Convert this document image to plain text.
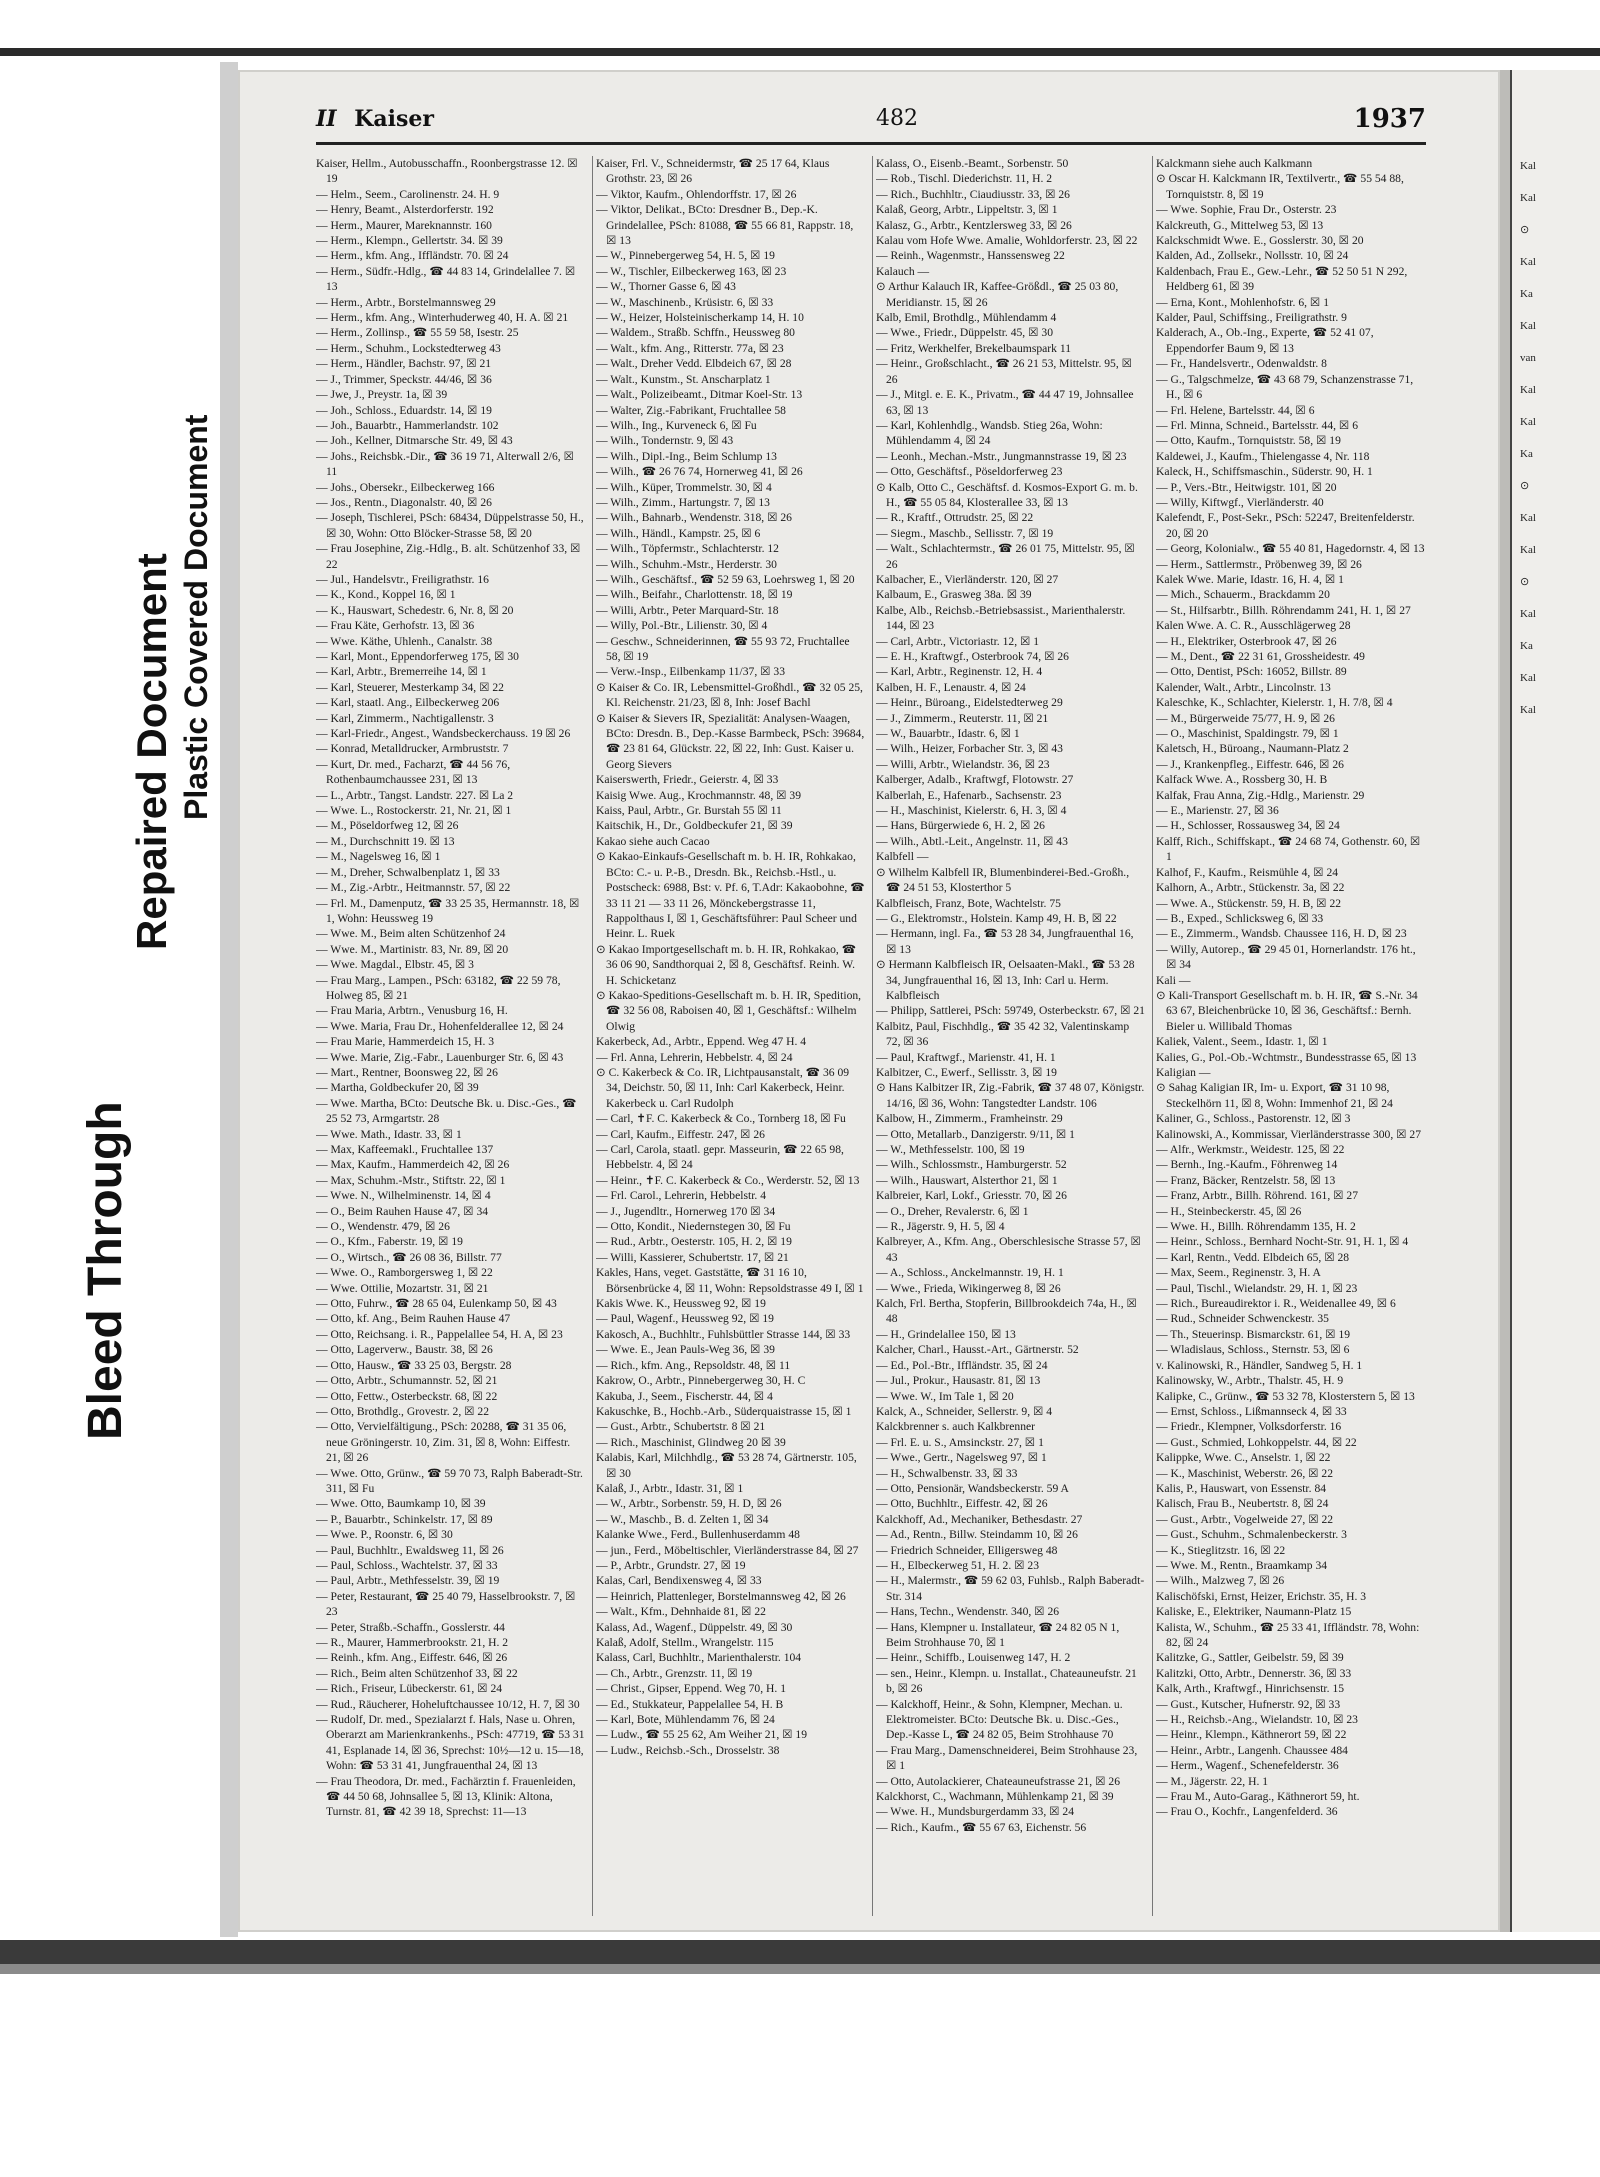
Bleed Through
Repaired Document Plastic Covered Document
II Kaiser	482	1937
Kaiser, Hellm., Autobusschaffn., Roonbergstrasse 12. ☒ 19
— Helm., Seem., Carolinenstr. 24. H. 9
— Henry, Beamt., Alsterdorferstr. 192
— Herm., Maurer, Mareknannstr. 160
— Herm., Klempn., Gellertstr. 34. ☒ 39
— Herm., kfm. Ang., Iffländstr. 70. ☒ 24
— Herm., Südfr.-Hdlg., ☎ 44 83 14, Grindelallee 7. ☒ 13
— Herm., Arbtr., Borstelmannsweg 29
— Herm., kfm. Ang., Winterhuderweg 40, H. A. ☒ 21
— Herm., Zollinsp., ☎ 55 59 58, Isestr. 25
— Herm., Schuhm., Lockstedterweg 43
— Herm., Händler, Bachstr. 97, ☒ 21
— J., Trimmer, Speckstr. 44/46, ☒ 36
— Jwe, J., Preystr. 1a, ☒ 39
— Joh., Schloss., Eduardstr. 14, ☒ 19
— Joh., Bauarbtr., Hammerlandstr. 102
— Joh., Kellner, Ditmarsche Str. 49, ☒ 43
— Johs., Reichsbk.-Dir., ☎ 36 19 71, Alterwall 2/6, ☒ 11
— Johs., Obersekr., Eilbeckerweg 166
— Jos., Rentn., Diagonalstr. 40, ☒ 26
— Joseph, Tischlerei, PSch: 68434, Düppelstrasse 50, H., ☒ 30, Wohn: Otto Blöcker-Strasse 58, ☒ 20
— Frau Josephine, Zig.-Hdlg., B. alt. Schützenhof 33, ☒ 22
— Jul., Handelsvtr., Freiligrathstr. 16
— K., Kond., Koppel 16, ☒ 1
— K., Hauswart, Schedestr. 6, Nr. 8, ☒ 20
— Frau Käte, Gerhofstr. 13, ☒ 36
— Wwe. Käthe, Uhlenh., Canalstr. 38
— Karl, Mont., Eppendorferweg 175, ☒ 30
— Karl, Arbtr., Bremerreihe 14, ☒ 1
— Karl, Steuerer, Mesterkamp 34, ☒ 22
— Karl, staatl. Ang., Eilbeckerweg 206
— Karl, Zimmerm., Nachtigallenstr. 3
— Karl-Friedr., Angest., Wandsbeckerchauss. 19 ☒ 26
— Konrad, Metalldrucker, Armbruststr. 7
— Kurt, Dr. med., Facharzt, ☎ 44 56 76, Rothenbaumchaussee 231, ☒ 13
— L., Arbtr., Tangst. Landstr. 227. ☒ La 2
— Wwe. L., Rostockerstr. 21, Nr. 21, ☒ 1
— M., Pöseldorfweg 12, ☒ 26
— M., Durchschnitt 19. ☒ 13
— M., Nagelsweg 16, ☒ 1
— M., Dreher, Schwalbenplatz 1, ☒ 33
— M., Zig.-Arbtr., Heitmannstr. 57, ☒ 22
— Frl. M., Damenputz, ☎ 33 25 35, Hermannstr. 18, ☒ 1, Wohn: Heussweg 19
— Wwe. M., Beim alten Schützenhof 24
— Wwe. M., Martinistr. 83, Nr. 89, ☒ 20
— Wwe. Magdal., Elbstr. 45, ☒ 3
— Frau Marg., Lampen., PSch: 63182, ☎ 22 59 78, Holweg 85, ☒ 21
— Frau Maria, Arbtrn., Venusburg 16, H.
— Wwe. Maria, Frau Dr., Hohenfelderallee 12, ☒ 24
— Frau Marie, Hammerdeich 15, H. 3
— Wwe. Marie, Zig.-Fabr., Lauenburger Str. 6, ☒ 43
— Mart., Rentner, Boonsweg 22, ☒ 26
— Martha, Goldbeckufer 20, ☒ 39
— Wwe. Martha, BCto: Deutsche Bk. u. Disc.-Ges., ☎ 25 52 73, Armgartstr. 28
— Wwe. Math., Idastr. 33, ☒ 1
— Max, Kaffeemakl., Fruchtallee 137
— Max, Kaufm., Hammerdeich 42, ☒ 26
— Max, Schuhm.-Mstr., Stiftstr. 22, ☒ 1
— Wwe. N., Wilhelminenstr. 14, ☒ 4
— O., Beim Rauhen Hause 47, ☒ 34
— O., Wendenstr. 479, ☒ 26
— O., Kfm., Faberstr. 19, ☒ 19
— O., Wirtsch., ☎ 26 08 36, Billstr. 77
— Wwe. O., Ramborgersweg 1, ☒ 22
— Wwe. Ottilie, Mozartstr. 31, ☒ 21
— Otto, Fuhrw., ☎ 28 65 04, Eulenkamp 50, ☒ 43
— Otto, kf. Ang., Beim Rauhen Hause 47
— Otto, Reichsang. i. R., Pappelallee 54, H. A, ☒ 23
— Otto, Lagerverw., Baustr. 38, ☒ 26
— Otto, Hausw., ☎ 33 25 03, Bergstr. 28
— Otto, Arbtr., Schumannstr. 52, ☒ 21
— Otto, Fettw., Osterbeckstr. 68, ☒ 22
— Otto, Brothdlg., Grovestr. 2, ☒ 22
— Otto, Vervielfältigung., PSch: 20288, ☎ 31 35 06, neue Gröningerstr. 10, Zim. 31, ☒ 8, Wohn: Eiffestr. 21, ☒ 26
— Wwe. Otto, Grünw., ☎ 59 70 73, Ralph Baberadt-Str. 311, ☒ Fu
— Wwe. Otto, Baumkamp 10, ☒ 39
— P., Bauarbtr., Schinkelstr. 17, ☒ 89
— Wwe. P., Roonstr. 6, ☒ 30
— Paul, Buchhltr., Ewaldsweg 11, ☒ 26
— Paul, Schloss., Wachtelstr. 37, ☒ 33
— Paul, Arbtr., Methfesselstr. 39, ☒ 19
— Peter, Restaurant, ☎ 25 40 79, Hasselbrookstr. 7, ☒ 23
— Peter, Straßb.-Schaffn., Gosslerstr. 44
— R., Maurer, Hammerbrookstr. 21, H. 2
— Reinh., kfm. Ang., Eiffestr. 646, ☒ 26
— Rich., Beim alten Schützenhof 33, ☒ 22
— Rich., Friseur, Lübeckerstr. 61, ☒ 24
— Rud., Räucherer, Hoheluftchaussee 10/12, H. 7, ☒ 30
— Rudolf, Dr. med., Spezialarzt f. Hals, Nase u. Ohren, Oberarzt am Marienkrankenhs., PSch: 47719, ☎ 53 31 41, Esplanade 14, ☒ 36, Sprechst: 10½—12 u. 15—18, Wohn: ☎ 53 31 41, Jungfrauenthal 24, ☒ 13
— Frau Theodora, Dr. med., Fachärztin f. Frauenleiden, ☎ 44 50 68, Johnsallee 5, ☒ 13, Klinik: Altona, Turnstr. 81, ☎ 42 39 18, Sprechst: 11—13
Kaiser, Frl. V., Schneidermstr, ☎ 25 17 64, Klaus Grothstr. 23, ☒ 26
— Viktor, Kaufm., Ohlendorffstr. 17, ☒ 26
— Viktor, Delikat., BCto: Dresdner B., Dep.-K. Grindelallee, PSch: 81088, ☎ 55 66 81, Rappstr. 18, ☒ 13
— W., Pinnebergerweg 54, H. 5, ☒ 19
— W., Tischler, Eilbeckerweg 163, ☒ 23
— W., Thorner Gasse 6, ☒ 43
— W., Maschinenb., Krüsistr. 6, ☒ 33
— W., Heizer, Holsteinischerkamp 14, H. 10
— Waldem., Straßb. Schffn., Heussweg 80
— Walt., kfm. Ang., Ritterstr. 77a, ☒ 23
— Walt., Dreher Vedd. Elbdeich 67, ☒ 28
— Walt., Kunstm., St. Anscharplatz 1
— Walt., Polizeibeamt., Ditmar Koel-Str. 13
— Walter, Zig.-Fabrikant, Fruchtallee 58
— Wilh., Ing., Kurveneck 6, ☒ Fu
— Wilh., Tondernstr. 9, ☒ 43
— Wilh., Dipl.-Ing., Beim Schlump 13
— Wilh., ☎ 26 76 74, Hornerweg 41, ☒ 26
— Wilh., Küper, Trommelstr. 30, ☒ 4
— Wilh., Zimm., Hartungstr. 7, ☒ 13
— Wilh., Bahnarb., Wendenstr. 318, ☒ 26
— Wilh., Händl., Kampstr. 25, ☒ 6
— Wilh., Töpfermstr., Schlachterstr. 12
— Wilh., Schuhm.-Mstr., Herderstr. 30
— Wilh., Geschäftsf., ☎ 52 59 63, Loehrsweg 1, ☒ 20
— Wilh., Beifahr., Charlottenstr. 18, ☒ 19
— Willi, Arbtr., Peter Marquard-Str. 18
— Willy, Pol.-Btr., Lilienstr. 30, ☒ 4
— Geschw., Schneiderinnen, ☎ 55 93 72, Fruchtallee 58, ☒ 19
— Verw.-Insp., Eilbenkamp 11/37, ☒ 33
⊙ Kaiser & Co. IR, Lebensmittel-Großhdl., ☎ 32 05 25, Kl. Reichenstr. 21/23, ☒ 8, Inh: Josef Bachl
⊙ Kaiser & Sievers IR, Spezialität: Analysen-Waagen, BCto: Dresdn. B., Dep.-Kasse Barmbeck, PSch: 39684, ☎ 23 81 64, Glückstr. 22, ☒ 22, Inh: Gust. Kaiser u. Georg Sievers
Kaiserswerth, Friedr., Geierstr. 4, ☒ 33
Kaisig Wwe. Aug., Krochmannstr. 48, ☒ 39
Kaiss, Paul, Arbtr., Gr. Burstah 55 ☒ 11
Kaitschik, H., Dr., Goldbeckufer 21, ☒ 39
Kakao siehe auch Cacao
⊙ Kakao-Einkaufs-Gesellschaft m. b. H. IR, Rohkakao, BCto: C.- u. P.-B., Dresdn. Bk., Reichsb.-Hstl., u. Postscheck: 6988, Bst: v. Pf. 6, T.Adr: Kakaobohne, ☎ 33 11 21 — 33 11 26, Mönckebergstrasse 11, Rappolthaus I, ☒ 1, Geschäftsführer: Paul Scheer und Heinr. L. Ruek
⊙ Kakao Importgesellschaft m. b. H. IR, Rohkakao, ☎ 36 06 90, Sandthorquai 2, ☒ 8, Geschäftsf. Reinh. W. H. Schicketanz
⊙ Kakao-Speditions-Gesellschaft m. b. H. IR, Spedition, ☎ 32 56 08, Raboisen 40, ☒ 1, Geschäftsf.: Wilhelm Olwig
Kakerbeck, Ad., Arbtr., Eppend. Weg 47 H. 4
— Frl. Anna, Lehrerin, Hebbelstr. 4, ☒ 24
⊙ C. Kakerbeck & Co. IR, Lichtpausanstalt, ☎ 36 09 34, Deichstr. 50, ☒ 11, Inh: Carl Kakerbeck, Heinr. Kakerbeck u. Carl Rudolph
— Carl, ✝F. C. Kakerbeck & Co., Tornberg 18, ☒ Fu
— Carl, Kaufm., Eiffestr. 247, ☒ 26
— Carl, Carola, staatl. gepr. Masseurin, ☎ 22 65 98, Hebbelstr. 4, ☒ 24
— Heinr., ✝F. C. Kakerbeck & Co., Werderstr. 52, ☒ 13
— Frl. Carol., Lehrerin, Hebbelstr. 4
— J., Jugendltr., Hornerweg 170 ☒ 34
— Otto, Kondit., Niedernstegen 30, ☒ Fu
— Rud., Arbtr., Oesterstr. 105, H. 2, ☒ 19
— Willi, Kassierer, Schubertstr. 17, ☒ 21
Kakles, Hans, veget. Gaststätte, ☎ 31 16 10, Börsenbrücke 4, ☒ 11, Wohn: Repsoldstrasse 49 I, ☒ 1
Kakis Wwe. K., Heussweg 92, ☒ 19
— Paul, Wagenf., Heussweg 92, ☒ 19
Kakosch, A., Buchhltr., Fuhlsbüttler Strasse 144, ☒ 33
— Wwe. E., Jean Pauls-Weg 36, ☒ 39
— Rich., kfm. Ang., Repsoldstr. 48, ☒ 11
Kakrow, O., Arbtr., Pinnebergerweg 30, H. C
Kakuba, J., Seem., Fischerstr. 44, ☒ 4
Kakuschke, B., Hochb.-Arb., Süderquaistrasse 15, ☒ 1
— Gust., Arbtr., Schubertstr. 8 ☒ 21
— Rich., Maschinist, Glindweg 20 ☒ 39
Kalabis, Karl, Milchhdlg., ☎ 53 28 74, Gärtnerstr. 105, ☒ 30
Kalaß, J., Arbtr., Idastr. 31, ☒ 1
— W., Arbtr., Sorbenstr. 59, H. D, ☒ 26
— W., Maschb., B. d. Zelten 1, ☒ 34
Kalanke Wwe., Ferd., Bullenhuserdamm 48
— jun., Ferd., Möbeltischler, Vierländerstrasse 84, ☒ 27
— P., Arbtr., Grundstr. 27, ☒ 19
Kalas, Carl, Bendixensweg 4, ☒ 33
— Heinrich, Plattenleger, Borstelmannsweg 42, ☒ 26
— Walt., Kfm., Dehnhaide 81, ☒ 22
Kalass, Ad., Wagenf., Düppelstr. 49, ☒ 30
Kalaß, Adolf, Stellm., Wrangelstr. 115
Kalass, Carl, Buchhltr., Marienthalerstr. 104
— Ch., Arbtr., Grenzstr. 11, ☒ 19
— Christ., Gipser, Eppend. Weg 70, H. 1
— Ed., Stukkateur, Pappelallee 54, H. B
— Karl, Bote, Mühlendamm 76, ☒ 24
— Ludw., ☎ 55 25 62, Am Weiher 21, ☒ 19
— Ludw., Reichsb.-Sch., Drosselstr. 38
Kalass, O., Eisenb.-Beamt., Sorbenstr. 50
— Rob., Tischl. Diederichstr. 11, H. 2
— Rich., Buchhltr., Ciaudiusstr. 33, ☒ 26
Kalaß, Georg, Arbtr., Lippeltstr. 3, ☒ 1
Kalasz, G., Arbtr., Kentzlersweg 33, ☒ 26
Kalau vom Hofe Wwe. Amalie, Wohldorferstr. 23, ☒ 22
— Reinh., Wagenmstr., Hanssensweg 22
Kalauch —
⊙ Arthur Kalauch IR, Kaffee-Größdl., ☎ 25 03 80, Meridianstr. 15, ☒ 26
Kalb, Emil, Brothdlg., Mühlendamm 4
— Wwe., Friedr., Düppelstr. 45, ☒ 30
— Fritz, Werkhelfer, Brekelbaumspark 11
— Heinr., Großschlacht., ☎ 26 21 53, Mittelstr. 95, ☒ 26
— J., Mitgl. e. E. K., Privatm., ☎ 44 47 19, Johnsallee 63, ☒ 13
— Karl, Kohlenhdlg., Wandsb. Stieg 26a, Wohn: Mühlendamm 4, ☒ 24
— Leonh., Mechan.-Mstr., Jungmannstrasse 19, ☒ 23
— Otto, Geschäftsf., Pöseldorferweg 23
⊙ Kalb, Otto C., Geschäftsf. d. Kosmos-Export G. m. b. H., ☎ 55 05 84, Klosterallee 33, ☒ 13
— R., Kraftf., Ottrudstr. 25, ☒ 22
— Siegm., Maschb., Sellisstr. 7, ☒ 19
— Walt., Schlachtermstr., ☎ 26 01 75, Mittelstr. 95, ☒ 26
Kalbacher, E., Vierländerstr. 120, ☒ 27
Kalbaum, E., Grasweg 38a. ☒ 39
Kalbe, Alb., Reichsb.-Betriebsassist., Marienthalerstr. 144, ☒ 23
— Carl, Arbtr., Victoriastr. 12, ☒ 1
— E. H., Kraftwgf., Osterbrook 74, ☒ 26
— Karl, Arbtr., Reginenstr. 12, H. 4
Kalben, H. F., Lenaustr. 4, ☒ 24
— Heinr., Büroang., Eidelstedterweg 29
— J., Zimmerm., Reuterstr. 11, ☒ 21
— W., Bauarbtr., Idastr. 6, ☒ 1
— Wilh., Heizer, Forbacher Str. 3, ☒ 43
— Willi, Arbtr., Wielandstr. 36, ☒ 23
Kalberger, Adalb., Kraftwgf, Flotowstr. 27
Kalberlah, E., Hafenarb., Sachsenstr. 23
— H., Maschinist, Kielerstr. 6, H. 3, ☒ 4
— Hans, Bürgerwiede 6, H. 2, ☒ 26
— Wilh., Abtl.-Leit., Angelnstr. 11, ☒ 43
Kalbfell —
⊙ Wilhelm Kalbfell IR, Blumenbinderei-Bed.-Großh., ☎ 24 51 53, Klosterthor 5
Kalbfleisch, Franz, Bote, Wachtelstr. 75
— G., Elektromstr., Holstein. Kamp 49, H. B, ☒ 22
— Hermann, ingl. Fa., ☎ 53 28 34, Jungfrauenthal 16, ☒ 13
⊙ Hermann Kalbfleisch IR, Oelsaaten-Makl., ☎ 53 28 34, Jungfrauenthal 16, ☒ 13, Inh: Carl u. Herm. Kalbfleisch
— Philipp, Sattlerei, PSch: 59749, Osterbeckstr. 67, ☒ 21
Kalbitz, Paul, Fischhdlg., ☎ 35 42 32, Valentinskamp 72, ☒ 36
— Paul, Kraftwgf., Marienstr. 41, H. 1
Kalbitzer, C., Ewerf., Sellisstr. 3, ☒ 19
⊙ Hans Kalbitzer IR, Zig.-Fabrik, ☎ 37 48 07, Königstr. 14/16, ☒ 36, Wohn: Tangstedter Landstr. 106
Kalbow, H., Zimmerm., Framheinstr. 29
— Otto, Metallarb., Danzigerstr. 9/11, ☒ 1
— W., Methfesselstr. 100, ☒ 19
— Wilh., Schlossmstr., Hamburgerstr. 52
— Wilh., Hauswart, Alsterthor 21, ☒ 1
Kalbreier, Karl, Lokf., Griesstr. 70, ☒ 26
— O., Dreher, Revalerstr. 6, ☒ 1
— R., Jägerstr. 9, H. 5, ☒ 4
Kalbreyer, A., Kfm. Ang., Oberschlesische Strasse 57, ☒ 43
— A., Schloss., Anckelmannstr. 19, H. 1
— Wwe., Frieda, Wikingerweg 8, ☒ 26
Kalch, Frl. Bertha, Stopferin, Billbrookdeich 74a, H., ☒ 48
— H., Grindelallee 150, ☒ 13
Kalcher, Charl., Hausst.-Art., Gärtnerstr. 52
— Ed., Pol.-Btr., Iffländstr. 35, ☒ 24
— Jul., Prokur., Hausastr. 81, ☒ 13
— Wwe. W., Im Tale 1, ☒ 20
Kalck, A., Schneider, Sellerstr. 9, ☒ 4
Kalckbrenner s. auch Kalkbrenner
— Frl. E. u. S., Amsinckstr. 27, ☒ 1
— Wwe., Gertr., Nagelsweg 97, ☒ 1
— H., Schwalbenstr. 33, ☒ 33
— Otto, Pensionär, Wandsbeckerstr. 59 A
— Otto, Buchhltr., Eiffestr. 42, ☒ 26
Kalckhoff, Ad., Mechaniker, Bethesdastr. 27
— Ad., Rentn., Billw. Steindamm 10, ☒ 26
— Friedrich Schneider, Elligersweg 48
— H., Elbeckerweg 51, H. 2. ☒ 23
— H., Malermstr., ☎ 59 62 03, Fuhlsb., Ralph Baberadt-Str. 314
— Hans, Techn., Wendenstr. 340, ☒ 26
— Hans, Klempner u. Installateur, ☎ 24 82 05 N 1, Beim Strohhause 70, ☒ 1
— Heinr., Schiffb., Louisenweg 147, H. 2
— sen., Heinr., Klempn. u. Installat., Chateauneufstr. 21 b, ☒ 26
— Kalckhoff, Heinr., & Sohn, Klempner, Mechan. u. Elektromeister. BCto: Deutsche Bk. u. Disc.-Ges., Dep.-Kasse L, ☎ 24 82 05, Beim Strohhause 70
— Frau Marg., Damenschneiderei, Beim Strohhause 23, ☒ 1
— Otto, Autolackierer, Chateauneufstrasse 21, ☒ 26
Kalckhorst, C., Wachmann, Mühlenkamp 21, ☒ 39
— Wwe. H., Mundsburgerdamm 33, ☒ 24
— Rich., Kaufm., ☎ 55 67 63, Eichenstr. 56
Kalckmann siehe auch Kalkmann
⊙ Oscar H. Kalckmann IR, Textilvertr., ☎ 55 54 88, Tornquiststr. 8, ☒ 19
— Wwe. Sophie, Frau Dr., Osterstr. 23
Kalckreuth, G., Mittelweg 53, ☒ 13
Kalckschmidt Wwe. E., Gosslerstr. 30, ☒ 20
Kalden, Ad., Zollsekr., Nollsstr. 10, ☒ 24
Kaldenbach, Frau E., Gew.-Lehr., ☎ 52 50 51 N 292, Heldberg 61, ☒ 39
— Erna, Kont., Mohlenhofstr. 6, ☒ 1
Kalder, Paul, Schiffsing., Freiligrathstr. 9
Kalderach, A., Ob.-Ing., Experte, ☎ 52 41 07, Eppendorfer Baum 9, ☒ 13
— Fr., Handelsvertr., Odenwaldstr. 8
— G., Talgschmelze, ☎ 43 68 79, Schanzenstrasse 71, H., ☒ 6
— Frl. Helene, Bartelsstr. 44, ☒ 6
— Frl. Minna, Schneid., Bartelsstr. 44, ☒ 6
— Otto, Kaufm., Tornquiststr. 58, ☒ 19
Kaldewei, J., Kaufm., Thielengasse 4, Nr. 118
Kaleck, H., Schiffsmaschin., Süderstr. 90, H. 1
— P., Vers.-Btr., Heitwigstr. 101, ☒ 20
— Willy, Kiftwgf., Vierländerstr. 40
Kalefendt, F., Post-Sekr., PSch: 52247, Breitenfelderstr. 20, ☒ 20
— Georg, Kolonialw., ☎ 55 40 81, Hagedornstr. 4, ☒ 13
— Herm., Sattlermstr., Pröbenweg 39, ☒ 26
Kalek Wwe. Marie, Idastr. 16, H. 4, ☒ 1
— Mich., Schauerm., Brackdamm 20
— St., Hilfsarbtr., Billh. Röhrendamm 241, H. 1, ☒ 27
Kalen Wwe. A. C. R., Ausschlägerweg 28
— H., Elektriker, Osterbrook 47, ☒ 26
— M., Dent., ☎ 22 31 61, Grossheidestr. 49
— Otto, Dentist, PSch: 16052, Billstr. 89
Kalender, Walt., Arbtr., Lincolnstr. 13
Kaleschke, K., Schlachter, Kielerstr. 1, H. 7/8, ☒ 4
— M., Bürgerweide 75/77, H. 9, ☒ 26
— O., Maschinist, Spaldingstr. 79, ☒ 1
Kaletsch, H., Büroang., Naumann-Platz 2
— J., Krankenpfleg., Eiffestr. 646, ☒ 26
Kalfack Wwe. A., Rossberg 30, H. B
Kalfak, Frau Anna, Zig.-Hdlg., Marienstr. 29
— E., Marienstr. 27, ☒ 36
— H., Schlosser, Rossausweg 34, ☒ 24
Kalff, Rich., Schiffskapt., ☎ 24 68 74, Gothenstr. 60, ☒ 1
Kalhof, F., Kaufm., Reismühle 4, ☒ 24
Kalhorn, A., Arbtr., Stückenstr. 3a, ☒ 22
— Wwe. A., Stückenstr. 59, H. B, ☒ 22
— B., Exped., Schlicksweg 6, ☒ 33
— E., Zimmerm., Wandsb. Chaussee 116, H. D, ☒ 23
— Willy, Autorep., ☎ 29 45 01, Hornerlandstr. 176 ht., ☒ 34
Kali —
⊙ Kali-Transport Gesellschaft m. b. H. IR, ☎ S.-Nr. 34 63 67, Bleichenbrücke 10, ☒ 36, Geschäftsf.: Bernh. Bieler u. Willibald Thomas
Kaliek, Valent., Seem., Idastr. 1, ☒ 1
Kalies, G., Pol.-Ob.-Wchtmstr., Bundesstrasse 65, ☒ 13
Kaligian —
⊙ Sahag Kaligian IR, Im- u. Export, ☎ 31 10 98, Steckelhörn 11, ☒ 8, Wohn: Immenhof 21, ☒ 24
Kaliner, G., Schloss., Pastorenstr. 12, ☒ 3
Kalinowski, A., Kommissar, Vierländerstrasse 300, ☒ 27
— Alfr., Werkmstr., Weidestr. 125, ☒ 22
— Bernh., Ing.-Kaufm., Föhrenweg 14
— Franz, Bäcker, Rentzelstr. 58, ☒ 13
— Franz, Arbtr., Billh. Röhrend. 161, ☒ 27
— H., Steinbeckerstr. 45, ☒ 26
— Wwe. H., Billh. Röhrendamm 135, H. 2
— Heinr., Schloss., Bernhard Nocht-Str. 91, H. 1, ☒ 4
— Karl, Rentn., Vedd. Elbdeich 65, ☒ 28
— Max, Seem., Reginenstr. 3, H. A
— Paul, Tischl., Wielandstr. 29, H. 1, ☒ 23
— Rich., Bureaudirektor i. R., Weidenallee 49, ☒ 6
— Rud., Schneider Schwenckestr. 35
— Th., Steuerinsp. Bismarckstr. 61, ☒ 19
— Wladislaus, Schloss., Sternstr. 53, ☒ 6
v. Kalinowski, R., Händler, Sandweg 5, H. 1
Kalinowsky, W., Arbtr., Thalstr. 45, H. 9
Kalipke, C., Grünw., ☎ 53 32 78, Klosterstern 5, ☒ 13
— Ernst, Schloss., Lißmannseck 4, ☒ 33
— Friedr., Klempner, Volksdorferstr. 16
— Gust., Schmied, Lohkoppelstr. 44, ☒ 22
Kalippke, Wwe. C., Anselstr. 1, ☒ 22
— K., Maschinist, Weberstr. 26, ☒ 22
Kalis, P., Hauswart, von Essenstr. 84
Kalisch, Frau B., Neubertstr. 8, ☒ 24
— Gust., Arbtr., Vogelweide 27, ☒ 22
— Gust., Schuhm., Schmalenbeckerstr. 3
— K., Stieglitzstr. 16, ☒ 22
— Wwe. M., Rentn., Braamkamp 34
— Wilh., Malzweg 7, ☒ 26
Kalischöfski, Ernst, Heizer, Erichstr. 35, H. 3
Kaliske, E., Elektriker, Naumann-Platz 15
Kalista, W., Schuhm., ☎ 25 33 41, Iffländstr. 78, Wohn: 82, ☒ 24
Kalitzke, G., Sattler, Geibelstr. 59, ☒ 39
Kalitzki, Otto, Arbtr., Dennerstr. 36, ☒ 33
Kalk, Arth., Kraftwgf., Hinrichsenstr. 15
— Gust., Kutscher, Hufnerstr. 92, ☒ 33
— H., Reichsb.-Ang., Wielandstr. 10, ☒ 23
— Heinr., Klempn., Käthnerort 59, ☒ 22
— Heinr., Arbtr., Langenh. Chaussee 484
— Herm., Wagenf., Schenefelderstr. 36
— M., Jägerstr. 22, H. 1
— Frau M., Auto-Garag., Käthnerort 59, ht.
— Frau O., Kochfr., Langenfelderd. 36
Kal
Kal
⊙
Kal
Ka
Kal
van
Kal
Kal
Ka
⊙
Kal
Kal
⊙
Kal
Ka
Kal
Kal
